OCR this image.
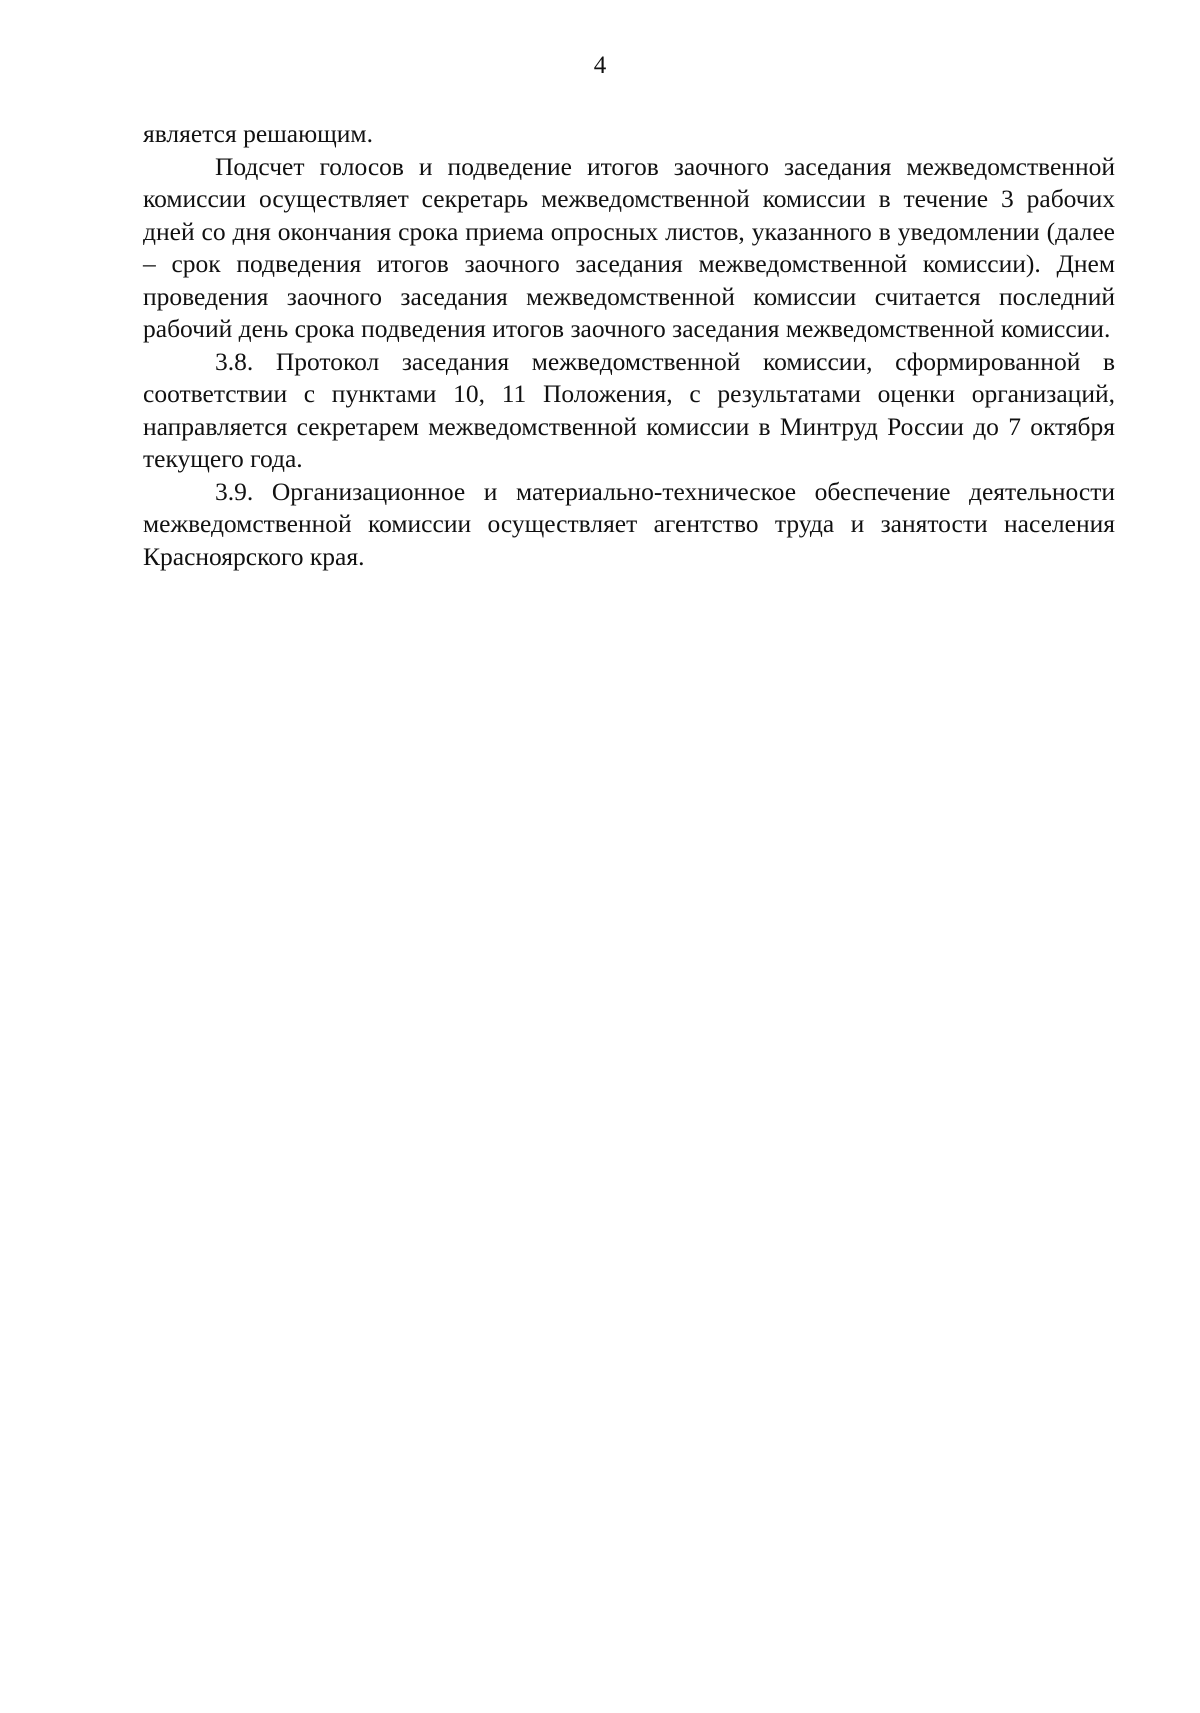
4

является решающим.

Подсчет голосов и подведение итогов заочного заседания межведомственной комиссии осуществляет секретарь межведомственной комиссии в течение 3 рабочих дней со дня окончания срока приема опросных листов, указанного в уведомлении (далее – срок подведения итогов заочного заседания межведомственной комиссии). Днем проведения заочного заседания межведомственной комиссии считается последний рабочий день срока подведения итогов заочного заседания межведомственной комиссии.

3.8. Протокол заседания межведомственной комиссии, сформированной в соответствии с пунктами 10, 11 Положения, с результатами оценки организаций, направляется секретарем межведомственной комиссии в Минтруд России до 7 октября текущего года.

3.9. Организационное и материально-техническое обеспечение деятельности межведомственной комиссии осуществляет агентство труда и занятости населения Красноярского края.
